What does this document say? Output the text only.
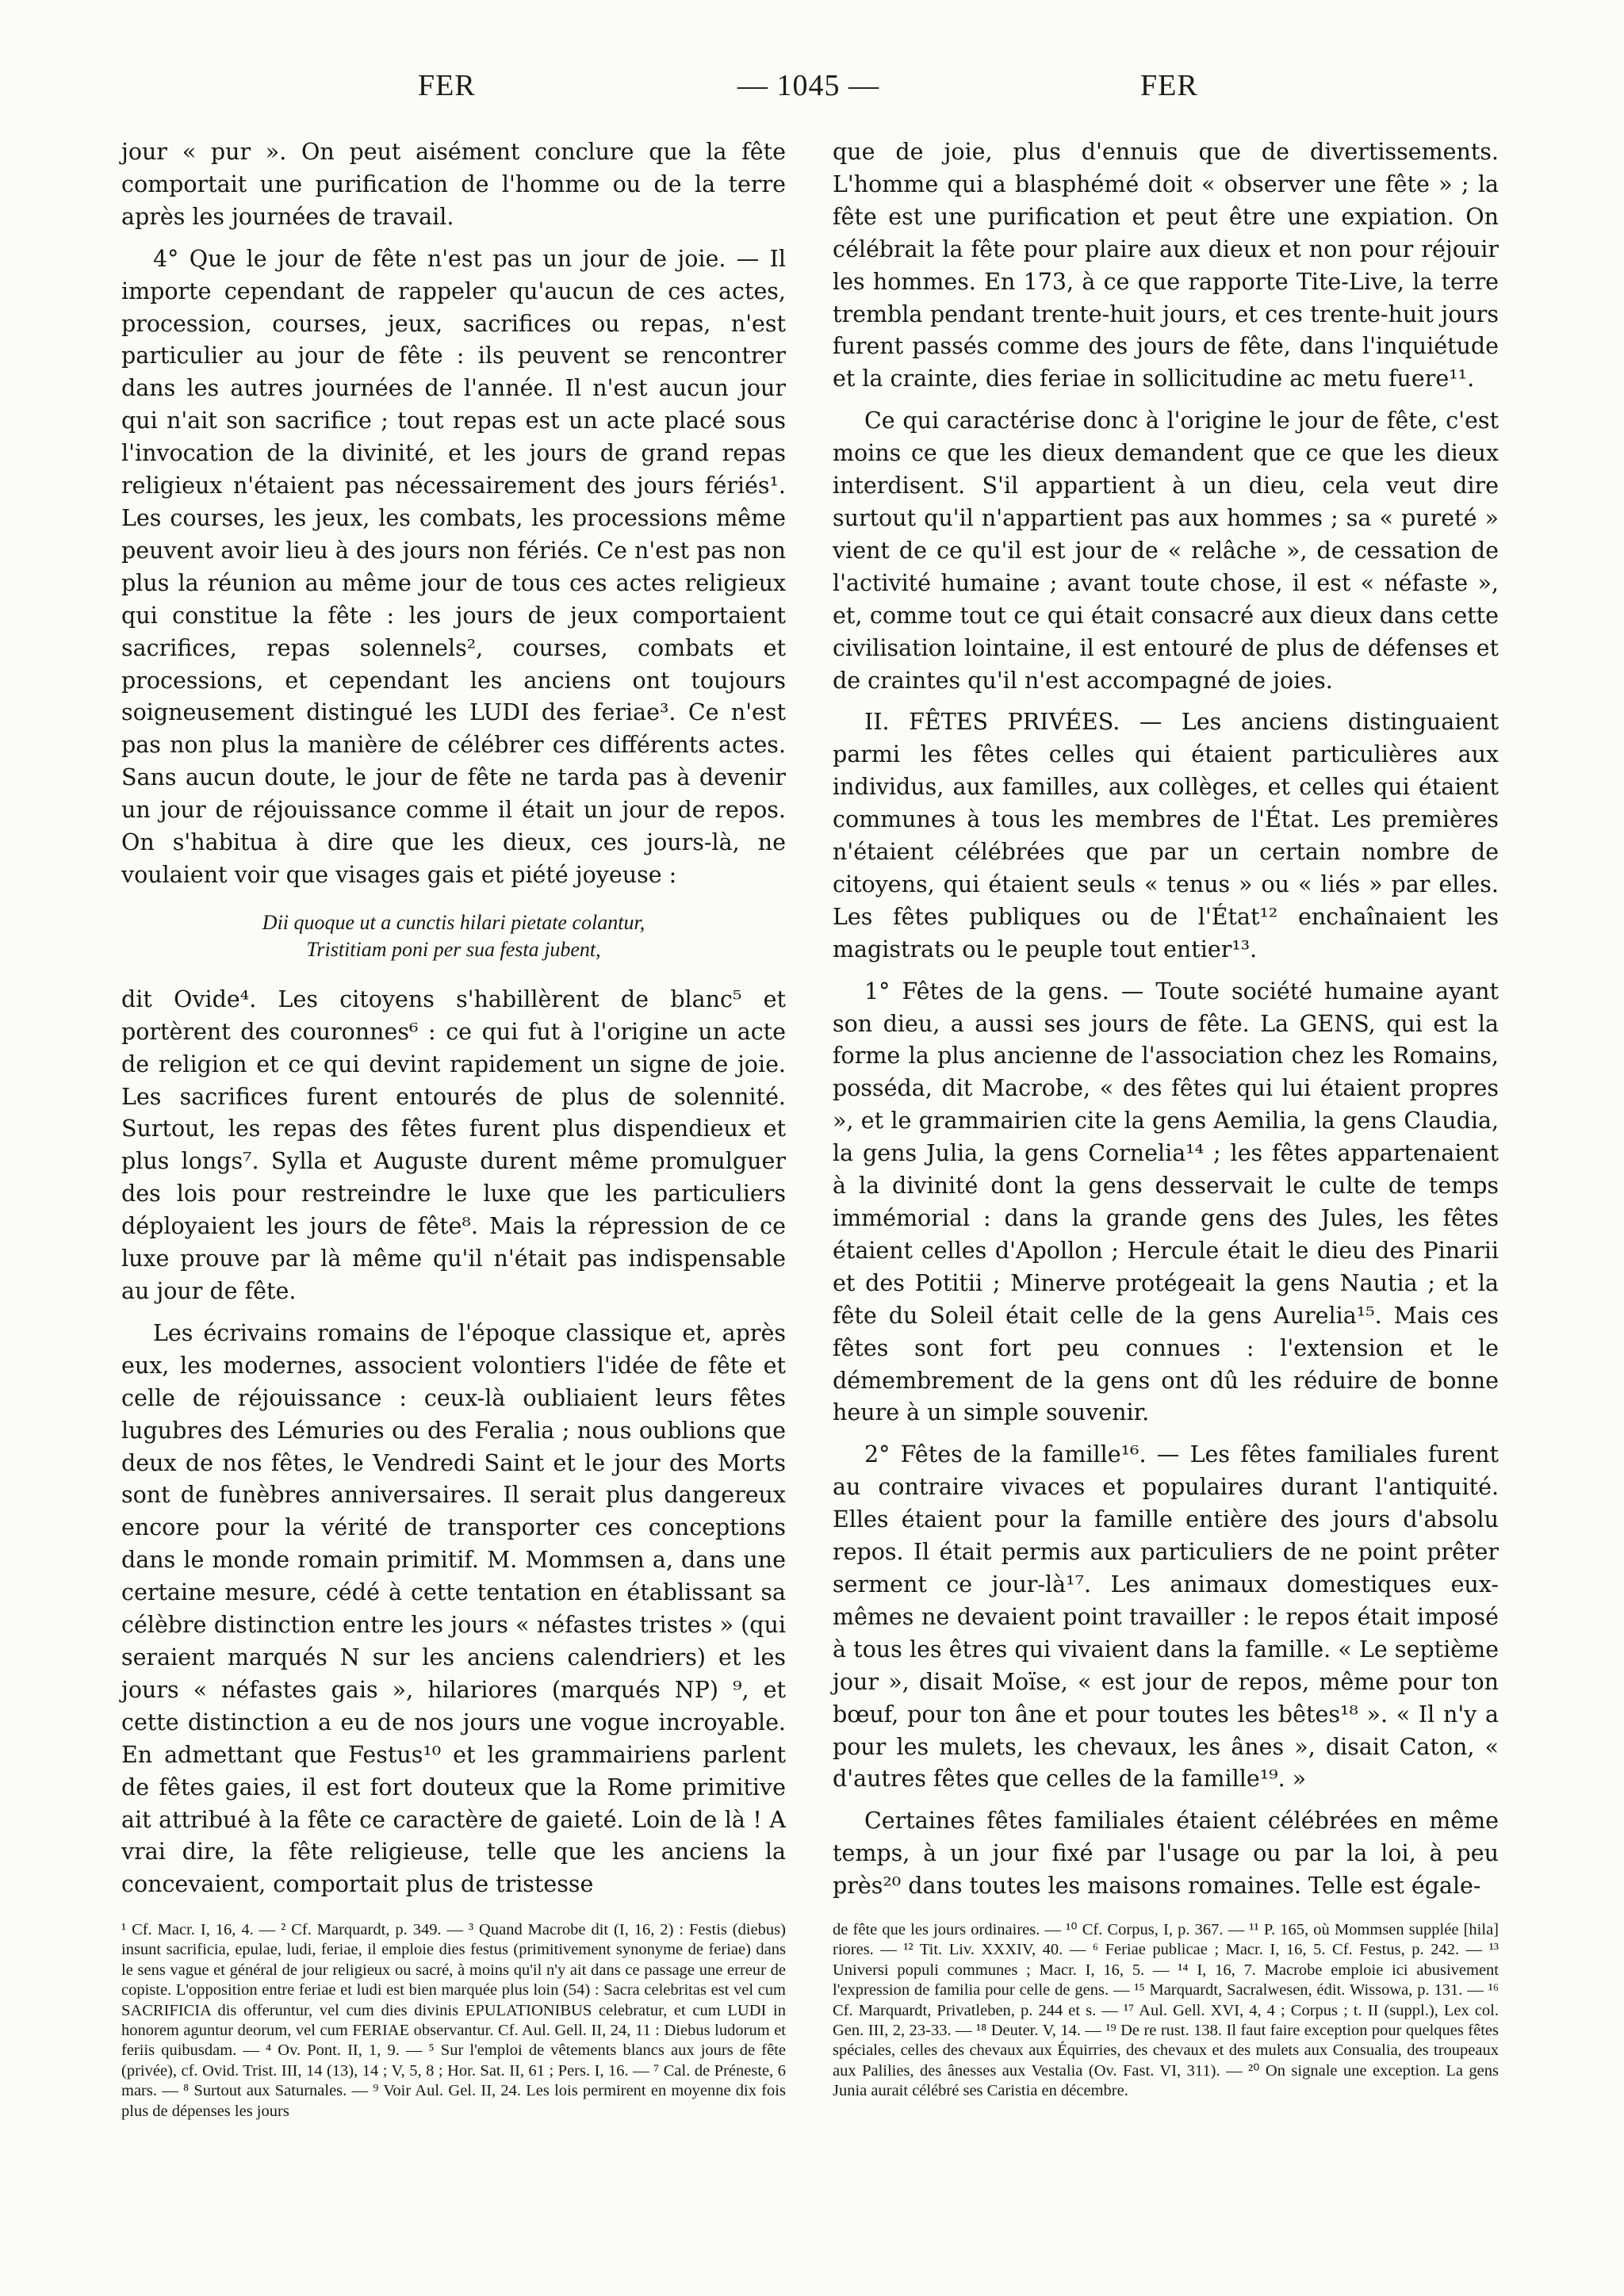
FER	— 1045 —	FER

jour « pur ». On peut aisément conclure que la fête comportait une purification de l'homme ou de la terre après les journées de travail.

4° Que le jour de fête n'est pas un jour de joie. — Il importe cependant de rappeler qu'aucun de ces actes, procession, courses, jeux, sacrifices ou repas, n'est particulier au jour de fête : ils peuvent se rencontrer dans les autres journées de l'année. Il n'est aucun jour qui n'ait son sacrifice ; tout repas est un acte placé sous l'invocation de la divinité, et les jours de grand repas religieux n'étaient pas nécessairement des jours fériés¹. Les courses, les jeux, les combats, les processions même peuvent avoir lieu à des jours non fériés. Ce n'est pas non plus la réunion au même jour de tous ces actes religieux qui constitue la fête : les jours de jeux comportaient sacrifices, repas solennels², courses, combats et processions, et cependant les anciens ont toujours soigneusement distingué les LUDI des feriae³. Ce n'est pas non plus la manière de célébrer ces différents actes. Sans aucun doute, le jour de fête ne tarda pas à devenir un jour de réjouissance comme il était un jour de repos. On s'habitua à dire que les dieux, ces jours-là, ne voulaient voir que visages gais et piété joyeuse :

Dii quoque ut a cunctis hilari pietate colantur,
Tristitiam poni per sua festa jubent,

dit Ovide⁴. Les citoyens s'habillèrent de blanc⁵ et portèrent des couronnes⁶ : ce qui fut à l'origine un acte de religion et ce qui devint rapidement un signe de joie. Les sacrifices furent entourés de plus de solennité. Surtout, les repas des fêtes furent plus dispendieux et plus longs⁷. Sylla et Auguste durent même promulguer des lois pour restreindre le luxe que les particuliers déployaient les jours de fête⁸. Mais la répression de ce luxe prouve par là même qu'il n'était pas indispensable au jour de fête.

Les écrivains romains de l'époque classique et, après eux, les modernes, associent volontiers l'idée de fête et celle de réjouissance : ceux-là oubliaient leurs fêtes lugubres des Lémuries ou des Feralia ; nous oublions que deux de nos fêtes, le Vendredi Saint et le jour des Morts sont de funèbres anniversaires. Il serait plus dangereux encore pour la vérité de transporter ces conceptions dans le monde romain primitif. M. Mommsen a, dans une certaine mesure, cédé à cette tentation en établissant sa célèbre distinction entre les jours « néfastes tristes » (qui seraient marqués N sur les anciens calendriers) et les jours « néfastes gais », hilariores (marqués NP) ⁹, et cette distinction a eu de nos jours une vogue incroyable. En admettant que Festus¹⁰ et les grammairiens parlent de fêtes gaies, il est fort douteux que la Rome primitive ait attribué à la fête ce caractère de gaieté. Loin de là ! A vrai dire, la fête religieuse, telle que les anciens la concevaient, comportait plus de tristesse

que de joie, plus d'ennuis que de divertissements. L'homme qui a blasphémé doit « observer une fête » ; la fête est une purification et peut être une expiation. On célébrait la fête pour plaire aux dieux et non pour réjouir les hommes. En 173, à ce que rapporte Tite-Live, la terre trembla pendant trente-huit jours, et ces trente-huit jours furent passés comme des jours de fête, dans l'inquiétude et la crainte, dies feriae in sollicitudine ac metu fuere¹¹.

Ce qui caractérise donc à l'origine le jour de fête, c'est moins ce que les dieux demandent que ce que les dieux interdisent. S'il appartient à un dieu, cela veut dire surtout qu'il n'appartient pas aux hommes ; sa « pureté » vient de ce qu'il est jour de « relâche », de cessation de l'activité humaine ; avant toute chose, il est « néfaste », et, comme tout ce qui était consacré aux dieux dans cette civilisation lointaine, il est entouré de plus de défenses et de craintes qu'il n'est accompagné de joies.

II. FÊTES PRIVÉES. — Les anciens distinguaient parmi les fêtes celles qui étaient particulières aux individus, aux familles, aux collèges, et celles qui étaient communes à tous les membres de l'État. Les premières n'étaient célébrées que par un certain nombre de citoyens, qui étaient seuls « tenus » ou « liés » par elles. Les fêtes publiques ou de l'État¹² enchaînaient les magistrats ou le peuple tout entier¹³.

1° Fêtes de la gens. — Toute société humaine ayant son dieu, a aussi ses jours de fête. La GENS, qui est la forme la plus ancienne de l'association chez les Romains, posséda, dit Macrobe, « des fêtes qui lui étaient propres », et le grammairien cite la gens Aemilia, la gens Claudia, la gens Julia, la gens Cornelia¹⁴ ; les fêtes appartenaient à la divinité dont la gens desservait le culte de temps immémorial : dans la grande gens des Jules, les fêtes étaient celles d'Apollon ; Hercule était le dieu des Pinarii et des Potitii ; Minerve protégeait la gens Nautia ; et la fête du Soleil était celle de la gens Aurelia¹⁵. Mais ces fêtes sont fort peu connues : l'extension et le démembrement de la gens ont dû les réduire de bonne heure à un simple souvenir.

2° Fêtes de la famille¹⁶. — Les fêtes familiales furent au contraire vivaces et populaires durant l'antiquité. Elles étaient pour la famille entière des jours d'absolu repos. Il était permis aux particuliers de ne point prêter serment ce jour-là¹⁷. Les animaux domestiques eux-mêmes ne devaient point travailler : le repos était imposé à tous les êtres qui vivaient dans la famille. « Le septième jour », disait Moïse, « est jour de repos, même pour ton bœuf, pour ton âne et pour toutes les bêtes¹⁸ ». « Il n'y a pour les mulets, les chevaux, les ânes », disait Caton, « d'autres fêtes que celles de la famille¹⁹. »

Certaines fêtes familiales étaient célébrées en même temps, à un jour fixé par l'usage ou par la loi, à peu près²⁰ dans toutes les maisons romaines. Telle est égale-

¹ Cf. Macr. I, 16, 4. — ² Cf. Marquardt, p. 349. — ³ Quand Macrobe dit (I, 16, 2) : Festis (diebus) insunt sacrificia, epulae, ludi, feriae, il emploie dies festus (primitivement synonyme de feriae) dans le sens vague et général de jour religieux ou sacré, à moins qu'il n'y ait dans ce passage une erreur de copiste. L'opposition entre feriae et ludi est bien marquée plus loin (54) : Sacra celebritas est vel cum SACRIFICIA dis offeruntur, vel cum dies divinis EPULATIONIBUS celebratur, et cum LUDI in honorem aguntur deorum, vel cum FERIAE observantur. Cf. Aul. Gell. II, 24, 11 : Diebus ludorum et feriis quibusdam. — ⁴ Ov. Pont. II, 1, 9. — ⁵ Sur l'emploi de vêtements blancs aux jours de fête (privée), cf. Ovid. Trist. III, 14 (13), 14 ; V, 5, 8 ; Hor. Sat. II, 61 ; Pers. I, 16. — ⁷ Cal. de Préneste, 6 mars. — ⁸ Surtout aux Saturnales. — ⁹ Voir Aul. Gel. II, 24. Les lois permirent en moyenne dix fois plus de dépenses les jours

de fête que les jours ordinaires. — ¹⁰ Cf. Corpus, I, p. 367. — ¹¹ P. 165, où Mommsen supplée [hila] riores. — ¹² Tit. Liv. XXXIV, 40. — ⁶ Feriae publicae ; Macr. I, 16, 5. Cf. Festus, p. 242. — ¹³ Universi populi communes ; Macr. I, 16, 5. — ¹⁴ I, 16, 7. Macrobe emploie ici abusivement l'expression de familia pour celle de gens. — ¹⁵ Marquardt, Sacralwesen, édit. Wissowa, p. 131. — ¹⁶ Cf. Marquardt, Privatleben, p. 244 et s. — ¹⁷ Aul. Gell. XVI, 4, 4 ; Corpus ; t. II (suppl.), Lex col. Gen. III, 2, 23-33. — ¹⁸ Deuter. V, 14. — ¹⁹ De re rust. 138. Il faut faire exception pour quelques fêtes spéciales, celles des chevaux aux Équirries, des chevaux et des mulets aux Consualia, des troupeaux aux Palilies, des ânesses aux Vestalia (Ov. Fast. VI, 311). — ²⁰ On signale une exception. La gens Junia aurait célébré ses Caristia en décembre.
